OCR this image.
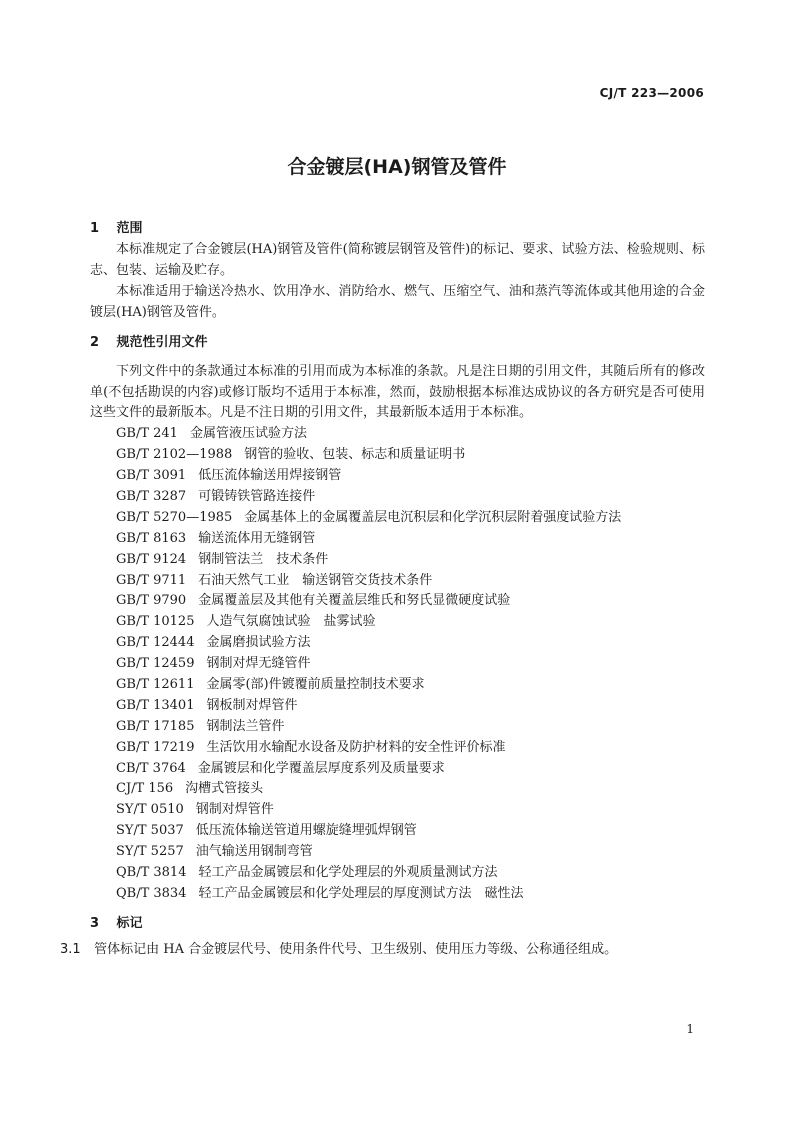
CJ/T 223—2006
合金镀层(HA)钢管及管件
1 范围

本标准规定了合金镀层(HA)钢管及管件(简称镀层钢管及管件)的标记、要求、试验方法、检验规则、标志、包装、运输及贮存。

本标准适用于输送冷热水、饮用净水、消防给水、燃气、压缩空气、油和蒸汽等流体或其他用途的合金镀层(HA)钢管及管件。

2 规范性引用文件

下列文件中的条款通过本标准的引用而成为本标准的条款。凡是注日期的引用文件，其随后所有的修改单(不包括勘误的内容)或修订版均不适用于本标准，然而，鼓励根据本标准达成协议的各方研究是否可使用这些文件的最新版本。凡是不注日期的引用文件，其最新版本适用于本标准。

GB/T 241 金属管液压试验方法
GB/T 2102—1988 钢管的验收、包装、标志和质量证明书
GB/T 3091 低压流体输送用焊接钢管
GB/T 3287 可锻铸铁管路连接件
GB/T 5270—1985 金属基体上的金属覆盖层电沉积层和化学沉积层附着强度试验方法
GB/T 8163 输送流体用无缝钢管
GB/T 9124 钢制管法兰　技术条件
GB/T 9711 石油天然气工业　输送钢管交货技术条件
GB/T 9790 金属覆盖层及其他有关覆盖层维氏和努氏显微硬度试验
GB/T 10125 人造气氛腐蚀试验　盐雾试验
GB/T 12444 金属磨损试验方法
GB/T 12459 钢制对焊无缝管件
GB/T 12611 金属零(部)件镀覆前质量控制技术要求
GB/T 13401 钢板制对焊管件
GB/T 17185 钢制法兰管件
GB/T 17219 生活饮用水输配水设备及防护材料的安全性评价标准
CB/T 3764 金属镀层和化学覆盖层厚度系列及质量要求
CJ/T 156 沟槽式管接头
SY/T 0510 钢制对焊管件
SY/T 5037 低压流体输送管道用螺旋缝埋弧焊钢管
SY/T 5257 油气输送用钢制弯管
QB/T 3814 轻工产品金属镀层和化学处理层的外观质量测试方法
QB/T 3834 轻工产品金属镀层和化学处理层的厚度测试方法　磁性法
3 标记
3.1 管体标记由 HA 合金镀层代号、使用条件代号、卫生级别、使用压力等级、公称通径组成。
1
